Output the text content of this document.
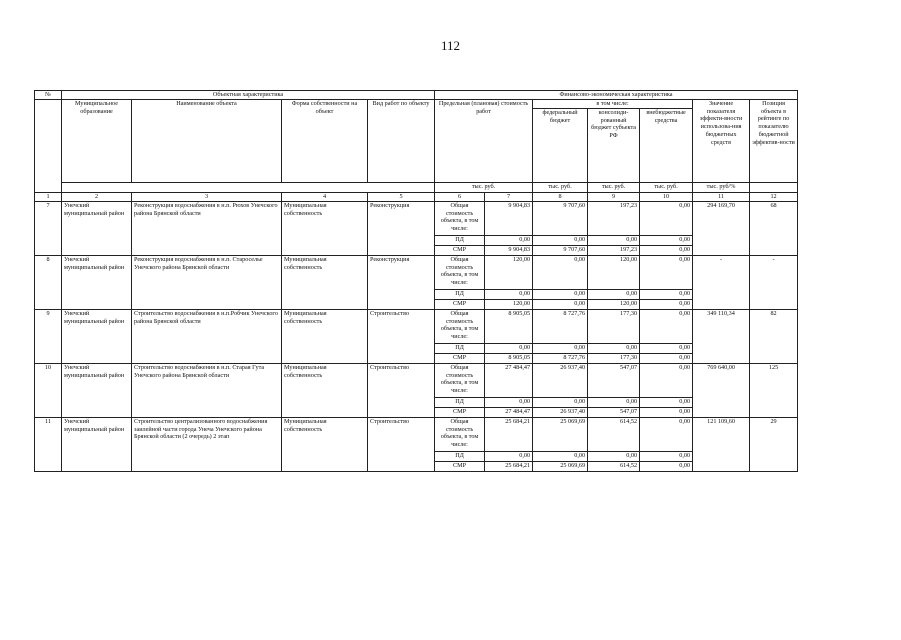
112
№	Объектная характеристика				Финансово-экономическая характеристика						
	Муниципальное образование	Наименование объекта	Форма собственности на объект	Вид работ по объекту	Предельная (плановая) стоимость работ		в том числе:			Значение показателя эффекти-вности использова-ния бюджетных средств	Позиция объекта в рейтинге по показателю бюджетной эффектив-ности
							федеральный бюджет	консолиди-рованный бюджет субъекта РФ	внебюджетные средства		
					тыс. руб.		тыс. руб.	тыс. руб.	тыс. руб.	тыс. руб/%	
1	2	3	4	5	6	7	8	9	10	11	12
7	Унечский муниципальный район	Реконструкция водоснабжения в н.п. Рюхов Унечского района Брянской области	Муниципальная собственность	Реконструкция	Общая стоимость объекта, в том числе:	9 904,83	9 707,60	197,23	0,00	294 169,70	68
					ПД	0,00	0,00	0,00	0,00		
					СМР	9 904,83	9 707,60	197,23	0,00		
8	Унечский муниципальный район	Реконструкция водоснабжения в н.п. Староселье Унечского района Брянской области	Муниципальная собственность	Реконструкция	Общая стоимость объекта, в том числе:	120,00	0,00	120,00	0,00	-	-
					ПД	0,00	0,00	0,00	0,00		
					СМР	120,00	0,00	120,00	0,00		
9	Унечский муниципальный район	Строительство водоснабжения в н.п.Робчик Унечского района Брянской области	Муниципальная собственность	Строительство	Общая стоимость объекта, в том числе:	8 905,05	8 727,76	177,30	0,00	349 110,34	82
					ПД	0,00	0,00	0,00	0,00		
					СМР	8 905,05	8 727,76	177,30	0,00		
10	Унечский муниципальный район	Строительство водоснабжения в н.п. Старая Гута Унечского района Брянской области	Муниципальная собственность	Строительство	Общая стоимость объекта, в том числе:	27 484,47	26 937,40	547,07	0,00	769 640,00	125
					ПД	0,00	0,00	0,00	0,00		
					СМР	27 484,47	26 937,40	547,07	0,00		
11	Унечский муниципальный район	Строительство централизованного водоснабжения заилейной части города Унеча Унечского района Брянской области (2 очередь) 2 этап	Муниципальная собственность	Строительство	Общая стоимость объекта, в том числе:	25 684,21	25 069,69	614,52	0,00	121 109,60	29
					ПД	0,00	0,00	0,00	0,00		
					СМР	25 684,21	25 069,69	614,52	0,00		
